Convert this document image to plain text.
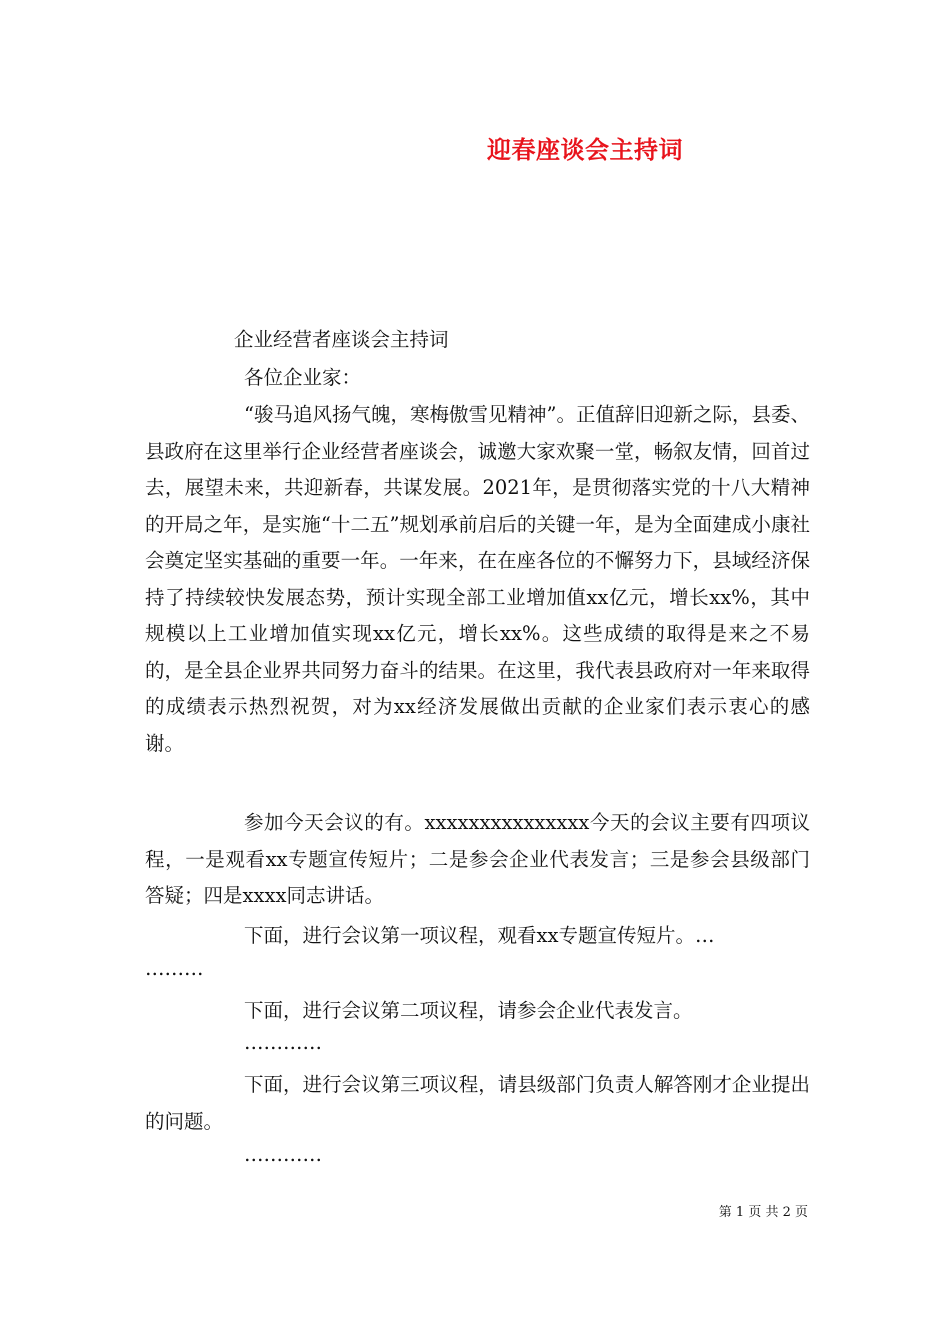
迎春座谈会主持词
企业经营者座谈会主持词
各位企业家：

“骏马追风扬气魄，寒梅傲雪见精神”。正值辞旧迎新之际，县委、县政府在这里举行企业经营者座谈会，诚邀大家欢聚一堂，畅叙友情，回首过去，展望未来，共迎新春，共谋发展。2021年，是贯彻落实党的十八大精神的开局之年，是实施“十二五”规划承前启后的关键一年，是为全面建成小康社会奠定坚实基础的重要一年。一年来，在在座各位的不懈努力下，县域经济保持了持续较快发展态势，预计实现全部工业增加值xx亿元，增长xx%，其中规模以上工业增加值实现xx亿元，增长xx%。这些成绩的取得是来之不易的，是全县企业界共同努力奋斗的结果。在这里，我代表县政府对一年来取得的成绩表示热烈祝贺，对为xx经济发展做出贡献的企业家们表示衷心的感谢。

参加今天会议的有。xxxxxxxxxxxxxxx今天的会议主要有四项议程，一是观看xx专题宣传短片；二是参会企业代表发言；三是参会县级部门答疑；四是xxxx同志讲话。

下面，进行会议第一项议程，观看xx专题宣传短片。…

………

下面，进行会议第二项议程，请参会企业代表发言。

…………

下面，进行会议第三项议程，请县级部门负责人解答刚才企业提出的问题。

…………
第 1 页 共 2 页
